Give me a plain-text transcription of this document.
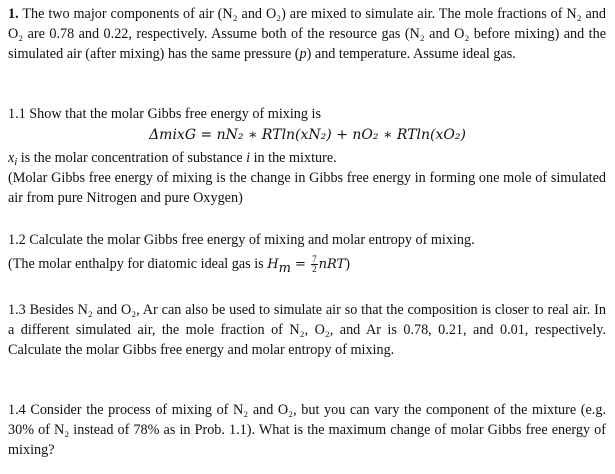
1. The two major components of air (N₂ and O₂) are mixed to simulate air. The mole fractions of N₂ and O₂ are 0.78 and 0.22, respectively. Assume both of the resource gas (N₂ and O₂ before mixing) and the simulated air (after mixing) has the same pressure (p) and temperature. Assume ideal gas.

1.1 Show that the molar Gibbs free energy of mixing is

ΔmixG = nN₂ ∗ RTln(xN₂) + nO₂ ∗ RTln(xO₂)

$x_i$ is the molar concentration of substance i in the mixture.

(Molar Gibbs free energy of mixing is the change in Gibbs free energy in forming one mole of simulated air from pure Nitrogen and pure Oxygen)

1.2 Calculate the molar Gibbs free energy of mixing and molar entropy of mixing.

(The molar enthalpy for diatomic ideal gas is $H_m = \frac{7}{2} nRT$)

1.3 Besides N₂ and O₂, Ar can also be used to simulate air so that the composition is closer to real air. In a different simulated air, the mole fraction of N₂, O₂, and Ar is 0.78, 0.21, and 0.01, respectively. Calculate the molar Gibbs free energy and molar entropy of mixing.

1.4 Consider the process of mixing of N₂ and O₂, but you can vary the component of the mixture (e.g. 30% of N₂ instead of 78% as in Prob. 1.1). What is the maximum change of molar Gibbs free energy of mixing?
